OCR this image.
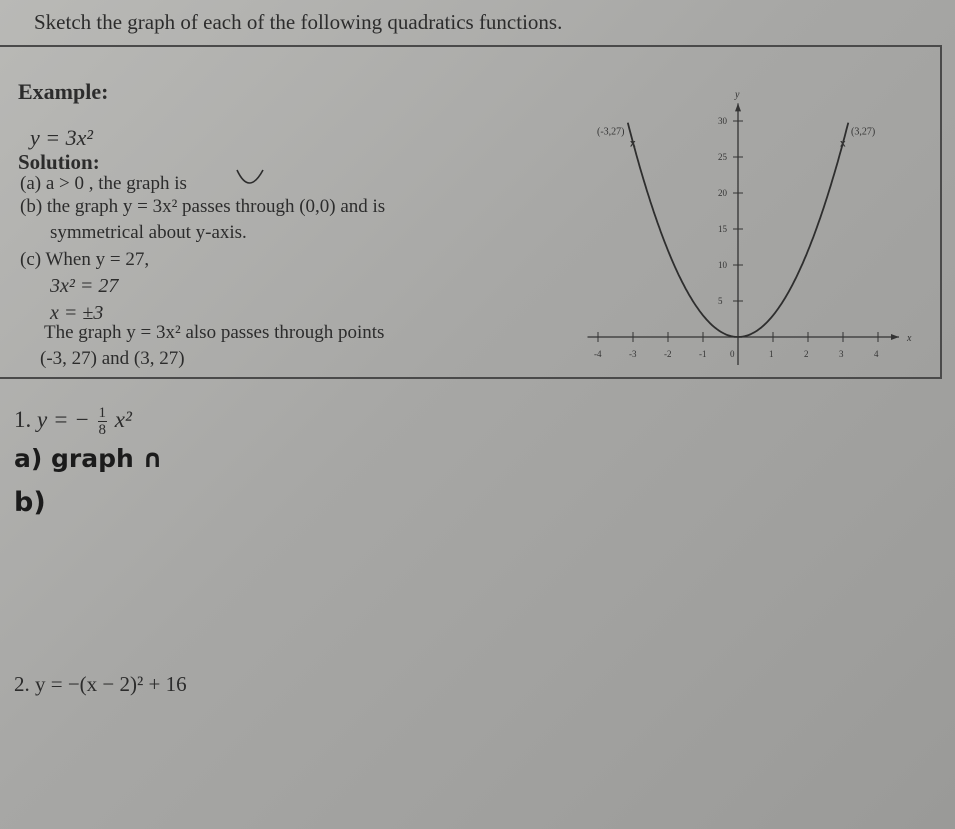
Sketch the graph of each of the following quadratics functions.
Example:
y = 3x²
Solution:
(a) a > 0 , the graph is
(b) the graph y = 3x² passes through (0,0) and is
symmetrical about y-axis.
(c) When y = 27,
3x² = 27
x = ±3
The graph y = 3x² also passes through points
(-3, 27) and (3, 27)
x
y
-4	-3	-2	-1	0	1	2	3	4
5
10
15
20
25
30
x
(-3,27)
x
(3,27)
1. y = − $\frac{1}{8} x^2$
a) graph ∩
b)
2. y = −(x − 2)² + 16
